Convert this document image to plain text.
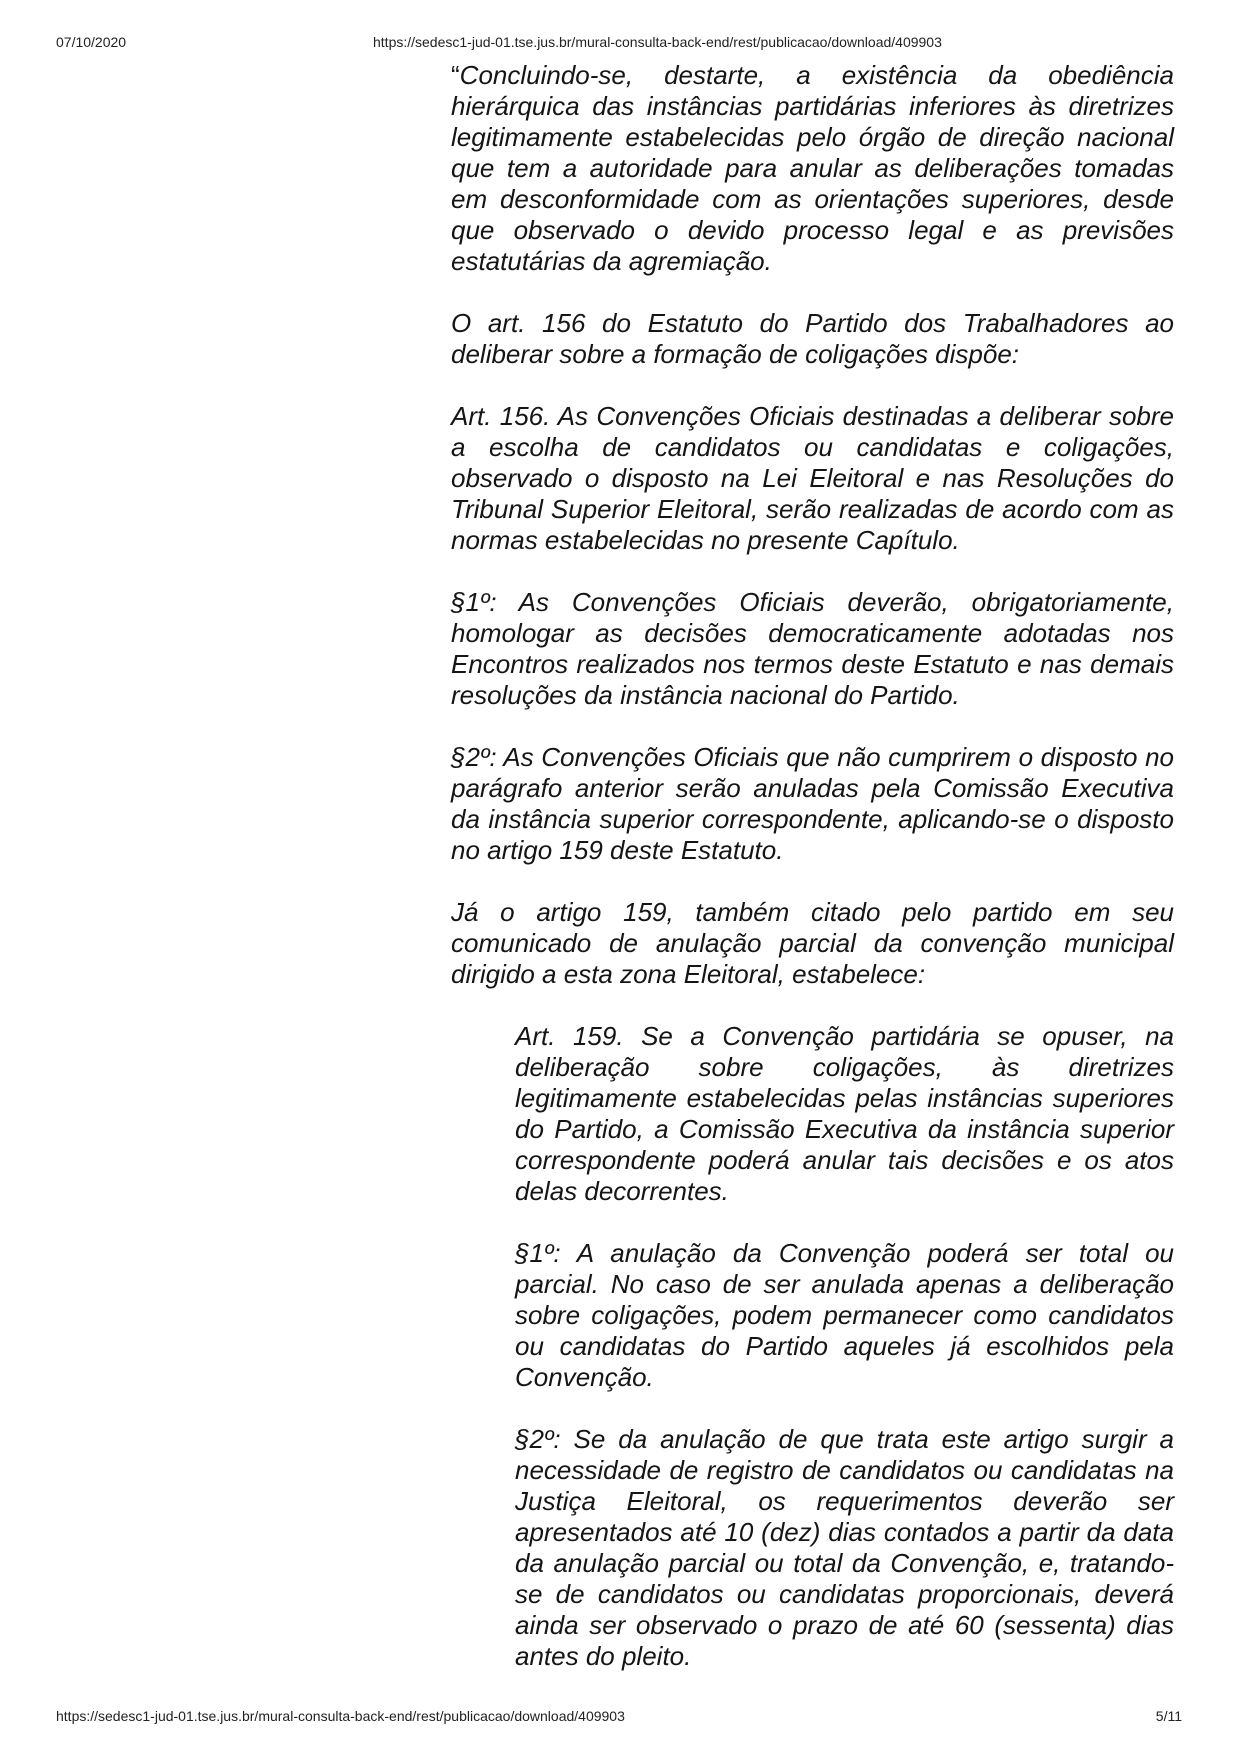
07/10/2020	https://sedesc1-jud-01.tse.jus.br/mural-consulta-back-end/rest/publicacao/download/409903

“Concluindo-se, destarte, a existência da obediência hierárquica das instâncias partidárias inferiores às diretrizes legitimamente estabelecidas pelo órgão de direção nacional que tem a autoridade para anular as deliberações tomadas em desconformidade com as orientações superiores, desde que observado o devido processo legal e as previsões estatutárias da agremiação.

O art. 156 do Estatuto do Partido dos Trabalhadores ao deliberar sobre a formação de coligações dispõe:

Art. 156. As Convenções Oficiais destinadas a deliberar sobre a escolha de candidatos ou candidatas e coligações, observado o disposto na Lei Eleitoral e nas Resoluções do Tribunal Superior Eleitoral, serão realizadas de acordo com as normas estabelecidas no presente Capítulo.

§1º: As Convenções Oficiais deverão, obrigatoriamente, homologar as decisões democraticamente adotadas nos Encontros realizados nos termos deste Estatuto e nas demais resoluções da instância nacional do Partido.

§2º: As Convenções Oficiais que não cumprirem o disposto no parágrafo anterior serão anuladas pela Comissão Executiva da instância superior correspondente, aplicando-se o disposto no artigo 159 deste Estatuto.

Já o artigo 159, também citado pelo partido em seu comunicado de anulação parcial da convenção municipal dirigido a esta zona Eleitoral, estabelece:

Art. 159. Se a Convenção partidária se opuser, na deliberação sobre coligações, às diretrizes legitimamente estabelecidas pelas instâncias superiores do Partido, a Comissão Executiva da instância superior correspondente poderá anular tais decisões e os atos delas decorrentes.

§1º: A anulação da Convenção poderá ser total ou parcial. No caso de ser anulada apenas a deliberação sobre coligações, podem permanecer como candidatos ou candidatas do Partido aqueles já escolhidos pela Convenção.

§2º: Se da anulação de que trata este artigo surgir a necessidade de registro de candidatos ou candidatas na Justiça Eleitoral, os requerimentos deverão ser apresentados até 10 (dez) dias contados a partir da data da anulação parcial ou total da Convenção, e, tratando-se de candidatos ou candidatas proporcionais, deverá ainda ser observado o prazo de até 60 (sessenta) dias antes do pleito.

https://sedesc1-jud-01.tse.jus.br/mural-consulta-back-end/rest/publicacao/download/409903	5/11
